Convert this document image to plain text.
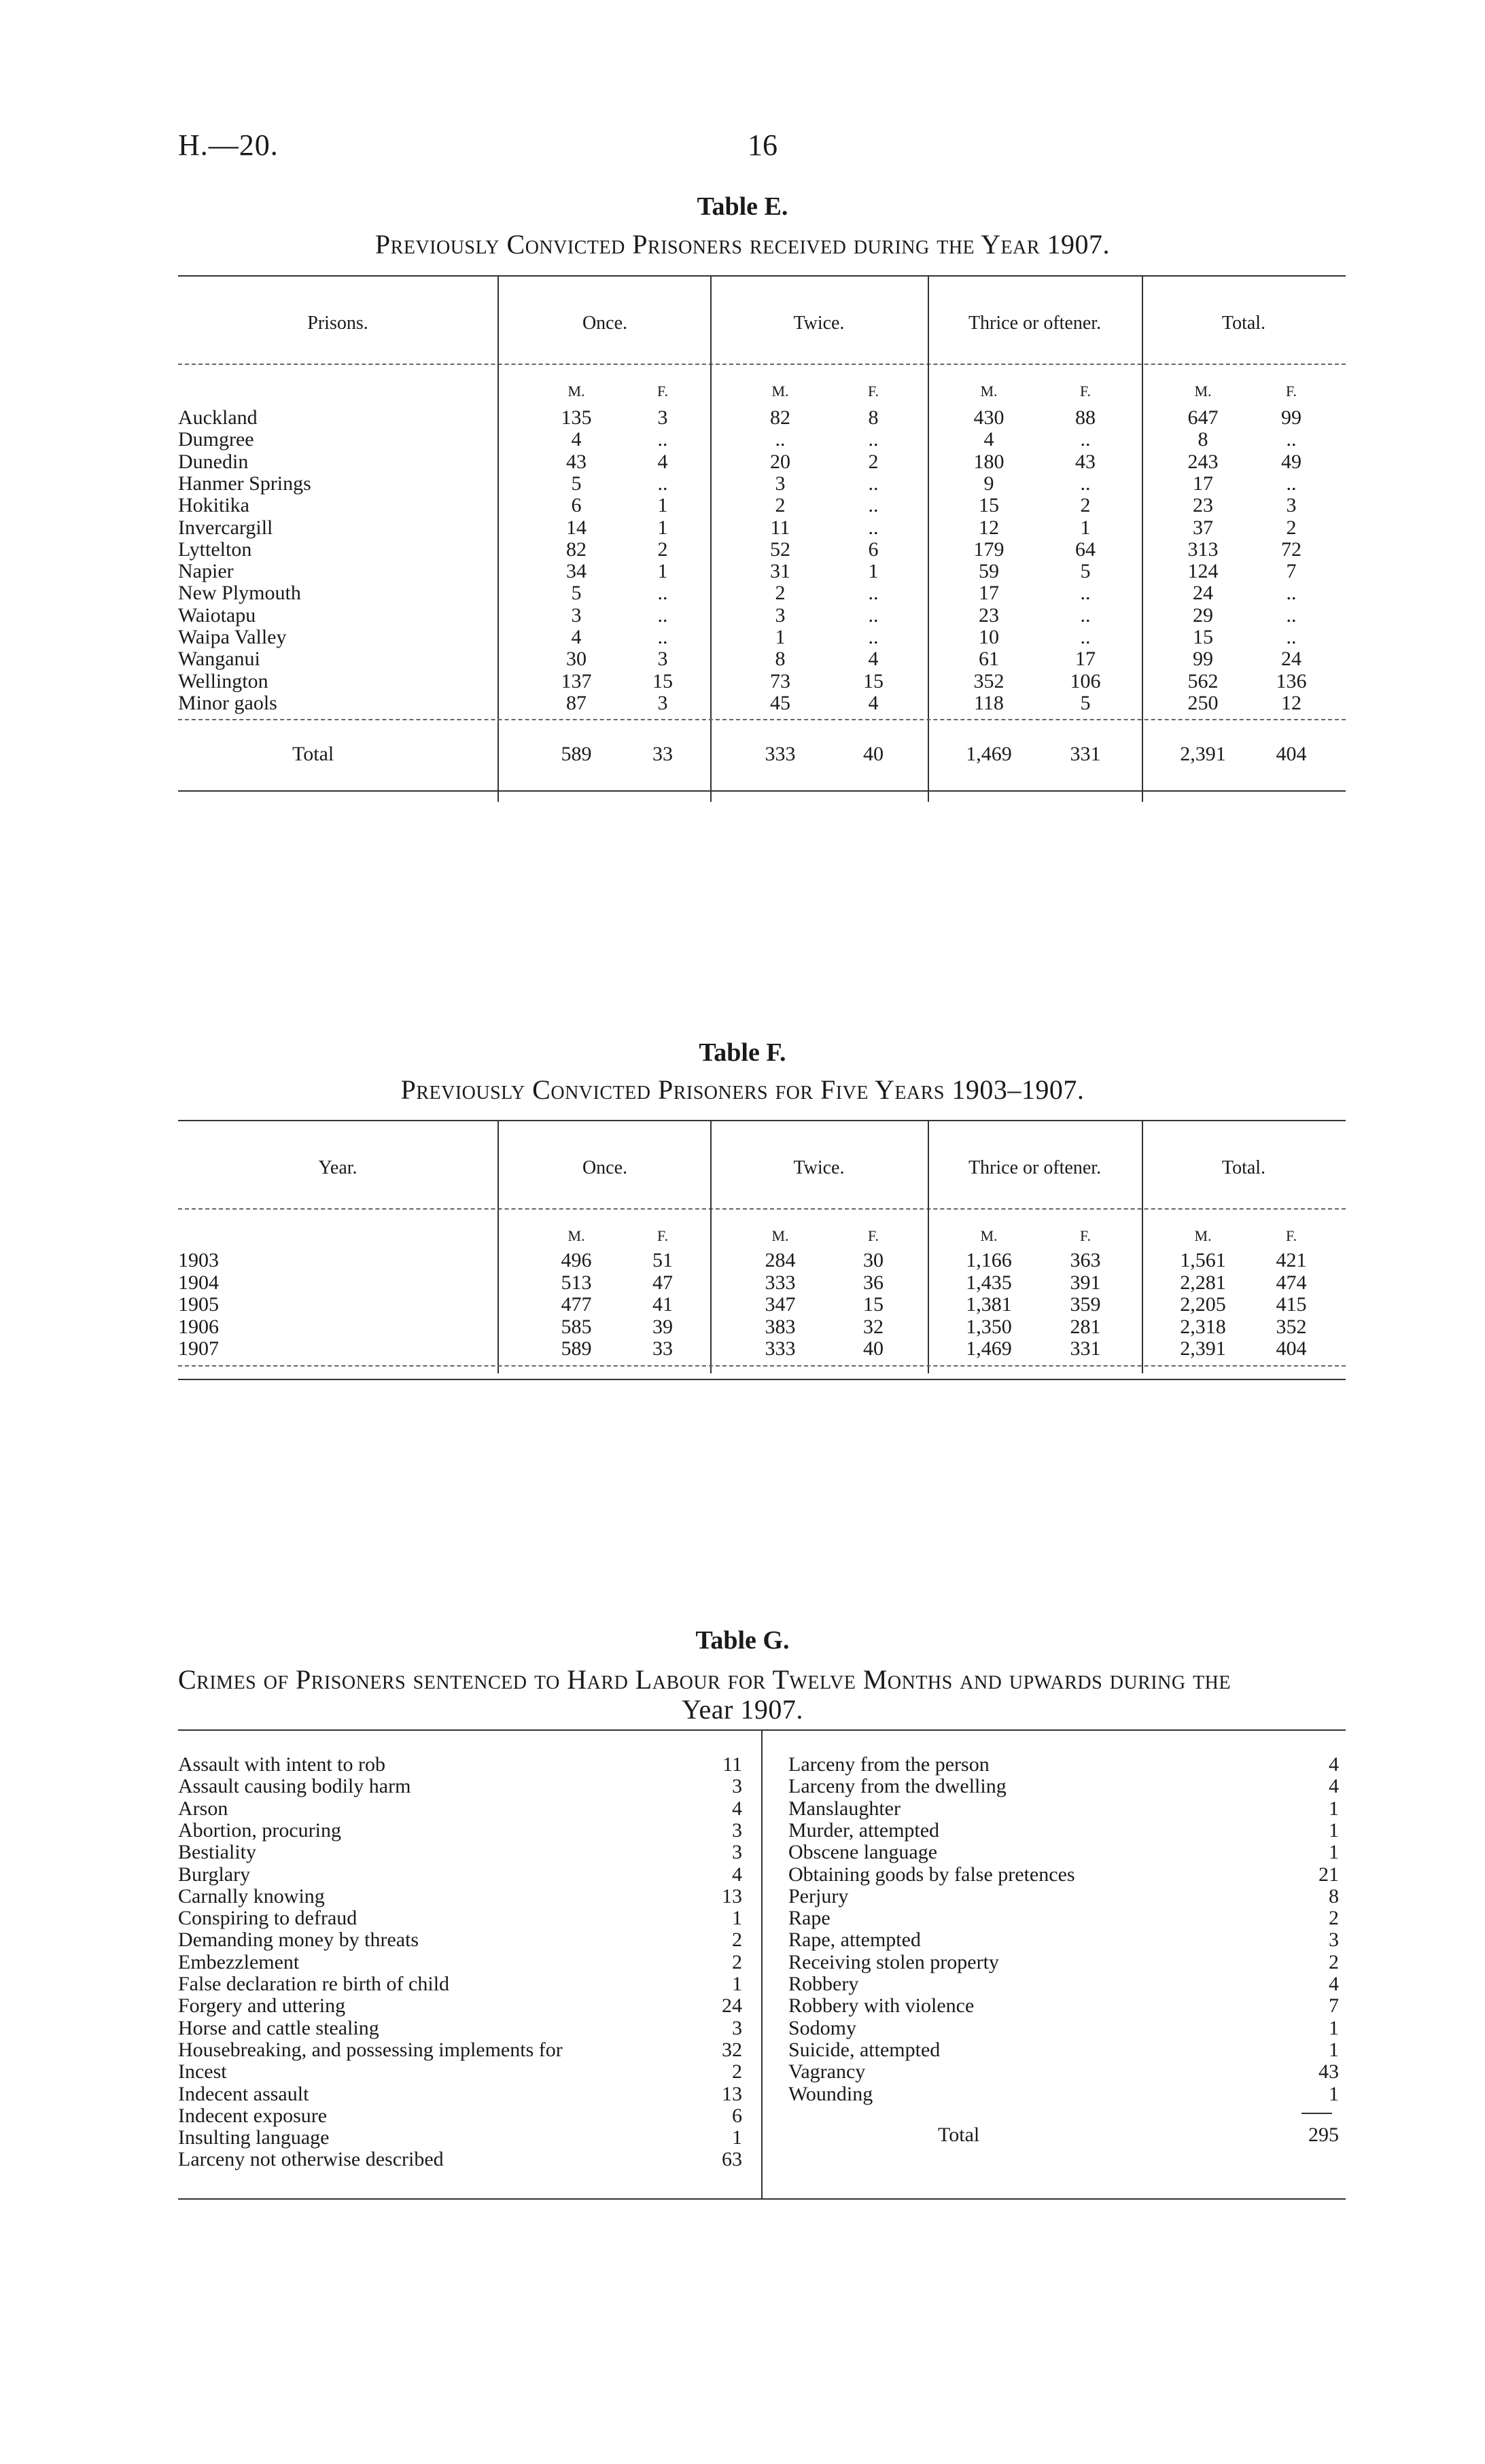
H.—20.	16
Table E.
Previously Convicted Prisoners received during the Year 1907.
Prisons.	Once.	Twice.	Thrice or oftener.	Total.
M.	F.	M.	F.	M.	F.	M.	F.
Auckland	135	3	82	8	430	88	647	99
Dumgree	4	..	..	..	4	..	8	..
Dunedin	43	4	20	2	180	43	243	49
Hanmer Springs	5	..	3	..	9	..	17	..
Hokitika	6	1	2	..	15	2	23	3
Invercargill	14	1	11	..	12	1	37	2
Lyttelton	82	2	52	6	179	64	313	72
Napier	34	1	31	1	59	5	124	7
New Plymouth	5	..	2	..	17	..	24	..
Waiotapu	3	..	3	..	23	..	29	..
Waipa Valley	4	..	1	..	10	..	15	..
Wanganui	30	3	8	4	61	17	99	24
Wellington	137	15	73	15	352	106	562	136
Minor gaols	87	3	45	4	118	5	250	12
Total	589	33	333	40	1,469	331	2,391	404
Table F.
Previously Convicted Prisoners for Five Years 1903–1907.
Year.	Once.	Twice.	Thrice or oftener.	Total.
M.	F.	M.	F.	M.	F.	M.	F.
1903	496	51	284	30	1,166	363	1,561	421
1904	513	47	333	36	1,435	391	2,281	474
1905	477	41	347	15	1,381	359	2,205	415
1906	585	39	383	32	1,350	281	2,318	352
1907	589	33	333	40	1,469	331	2,391	404
Table G.
Crimes of Prisoners sentenced to Hard Labour for Twelve Months and upwards during the
Year 1907.
Assault with intent to rob	11
Assault causing bodily harm	3
Arson	4
Abortion, procuring	3
Bestiality	3
Burglary	4
Carnally knowing	13
Conspiring to defraud	1
Demanding money by threats	2
Embezzlement	2
False declaration re birth of child	1
Forgery and uttering	24
Horse and cattle stealing	3
Housebreaking, and possessing implements for	32
Incest	2
Indecent assault	13
Indecent exposure	6
Insulting language	1
Larceny not otherwise described	63
Larceny from the person	4
Larceny from the dwelling	4
Manslaughter	1
Murder, attempted	1
Obscene language	1
Obtaining goods by false pretences	21
Perjury	8
Rape	2
Rape, attempted	3
Receiving stolen property	2
Robbery	4
Robbery with violence	7
Sodomy	1
Suicide, attempted	1
Vagrancy	43
Wounding	1
Total	295
